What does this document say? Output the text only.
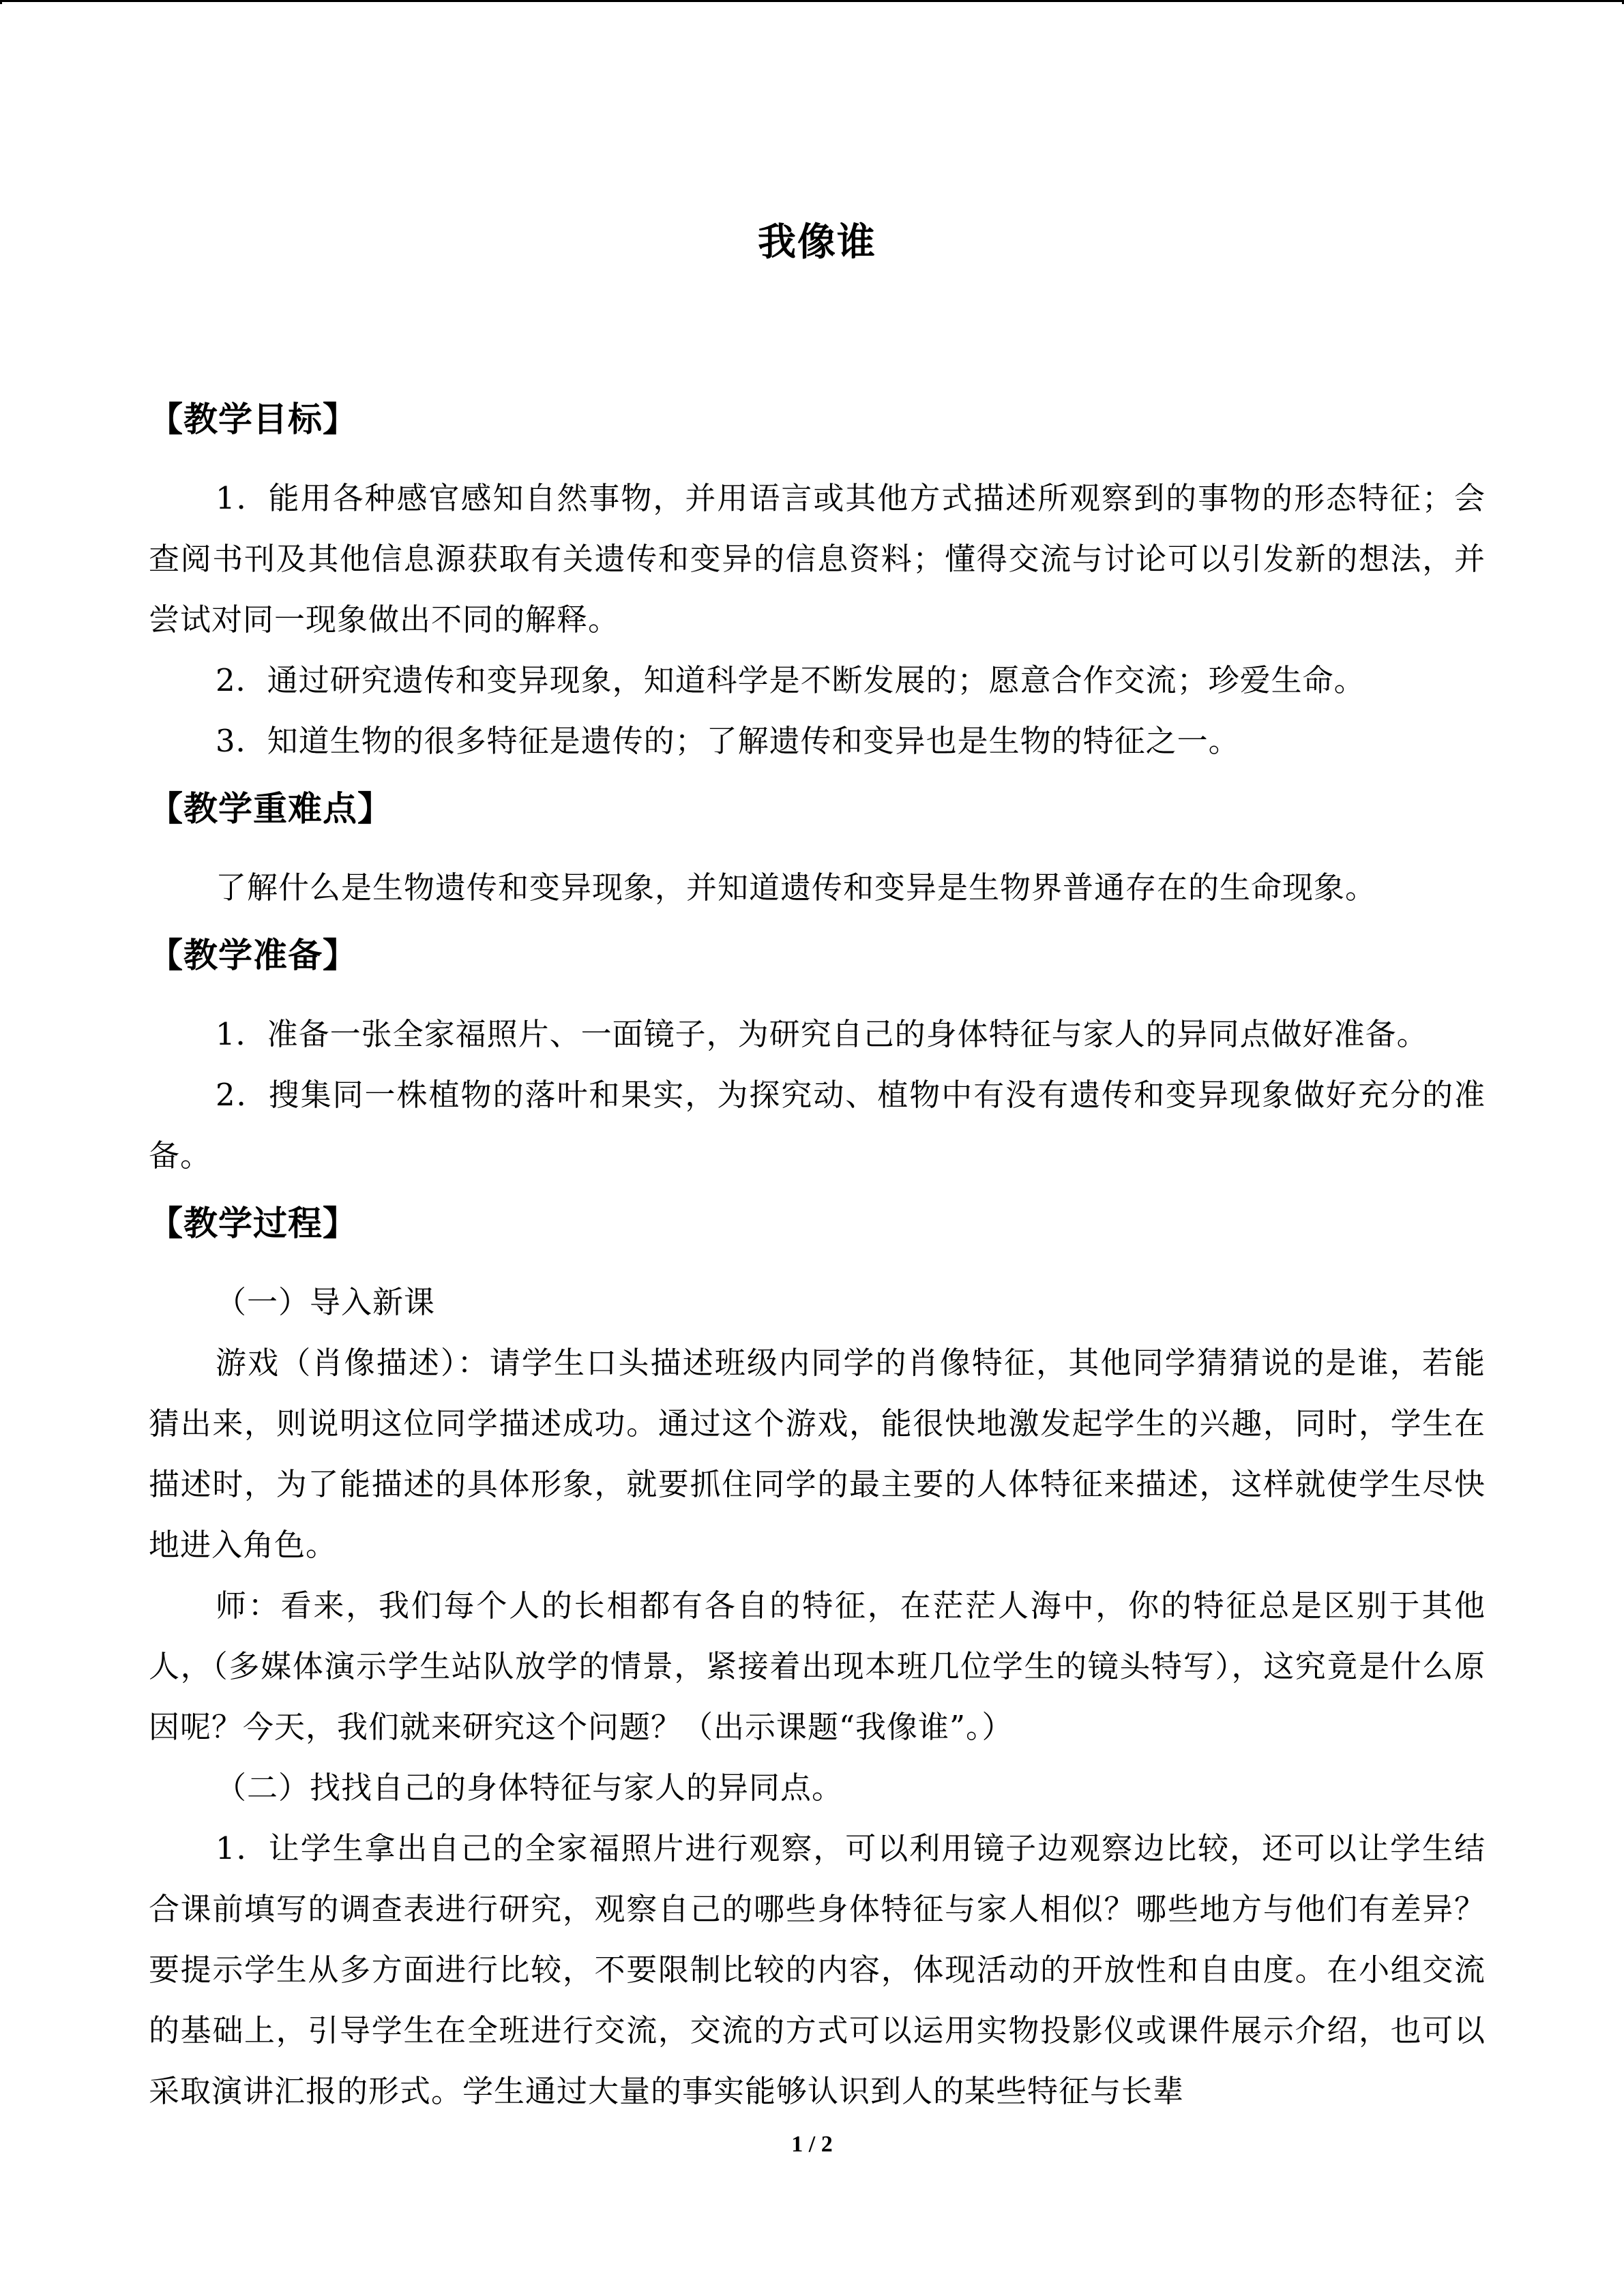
我像谁
【教学目标】

1．能用各种感官感知自然事物，并用语言或其他方式描述所观察到的事物的形态特征；会查阅书刊及其他信息源获取有关遗传和变异的信息资料；懂得交流与讨论可以引发新的想法，并尝试对同一现象做出不同的解释。

2．通过研究遗传和变异现象，知道科学是不断发展的；愿意合作交流；珍爱生命。

3．知道生物的很多特征是遗传的；了解遗传和变异也是生物的特征之一。

【教学重难点】

了解什么是生物遗传和变异现象，并知道遗传和变异是生物界普通存在的生命现象。

【教学准备】

1．准备一张全家福照片、一面镜子，为研究自己的身体特征与家人的异同点做好准备。

2．搜集同一株植物的落叶和果实，为探究动、植物中有没有遗传和变异现象做好充分的准备。

【教学过程】

（一）导入新课

游戏（肖像描述）：请学生口头描述班级内同学的肖像特征，其他同学猜猜说的是谁，若能猜出来，则说明这位同学描述成功。通过这个游戏，能很快地激发起学生的兴趣，同时，学生在描述时，为了能描述的具体形象，就要抓住同学的最主要的人体特征来描述，这样就使学生尽快地进入角色。

师：看来，我们每个人的长相都有各自的特征，在茫茫人海中，你的特征总是区别于其他人，（多媒体演示学生站队放学的情景，紧接着出现本班几位学生的镜头特写），这究竟是什么原因呢？今天，我们就来研究这个问题？（出示课题“我像谁”。）

（二）找找自己的身体特征与家人的异同点。

1．让学生拿出自己的全家福照片进行观察，可以利用镜子边观察边比较，还可以让学生结合课前填写的调查表进行研究，观察自己的哪些身体特征与家人相似？哪些地方与他们有差异？要提示学生从多方面进行比较，不要限制比较的内容，体现活动的开放性和自由度。在小组交流的基础上，引导学生在全班进行交流，交流的方式可以运用实物投影仪或课件展示介绍，也可以采取演讲汇报的形式。学生通过大量的事实能够认识到人的某些特征与长辈

1 / 2
